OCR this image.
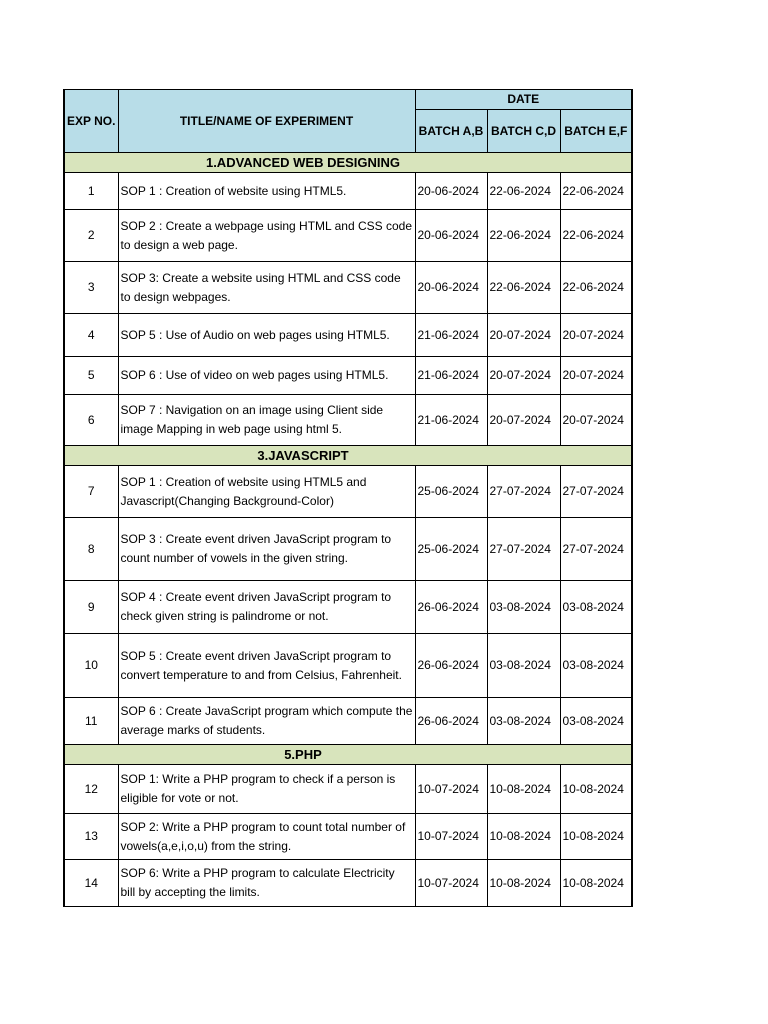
EXP NO.	TITLE/NAME OF EXPERIMENT	DATE		
		BATCH A,B	BATCH C,D	BATCH E,F
1.ADVANCED WEB DESIGNING				
1	SOP 1 : Creation of website using HTML5.	20-06-2024	22-06-2024	22-06-2024
2	SOP 2 : Create a webpage using HTML and CSS code to design a web page.	20-06-2024	22-06-2024	22-06-2024
3	SOP 3: Create a website using HTML and CSS code to design webpages.	20-06-2024	22-06-2024	22-06-2024
4	SOP 5 : Use of Audio on web pages using HTML5.	21-06-2024	20-07-2024	20-07-2024
5	SOP 6 : Use of video on web pages using HTML5.	21-06-2024	20-07-2024	20-07-2024
6	SOP 7 : Navigation on an image using Client side image Mapping in web page using html 5.	21-06-2024	20-07-2024	20-07-2024
3.JAVASCRIPT				
7	SOP 1 : Creation of website using HTML5 and Javascript(Changing Background-Color)	25-06-2024	27-07-2024	27-07-2024
8	SOP 3 : Create event driven JavaScript program to count number of vowels in the given string.	25-06-2024	27-07-2024	27-07-2024
9	SOP 4 : Create event driven JavaScript program to check given string is palindrome or not.	26-06-2024	03-08-2024	03-08-2024
10	SOP 5 : Create event driven JavaScript program to convert temperature to and from Celsius, Fahrenheit.	26-06-2024	03-08-2024	03-08-2024
11	SOP 6 : Create JavaScript program which compute the average marks of students.	26-06-2024	03-08-2024	03-08-2024
5.PHP				
12	SOP 1: Write a PHP program to check if a person is eligible for vote or not.	10-07-2024	10-08-2024	10-08-2024
13	SOP 2: Write a PHP program to count total number of vowels(a,e,i,o,u) from the string.	10-07-2024	10-08-2024	10-08-2024
14	SOP 6: Write a PHP program to calculate Electricity bill by accepting the limits.	10-07-2024	10-08-2024	10-08-2024
